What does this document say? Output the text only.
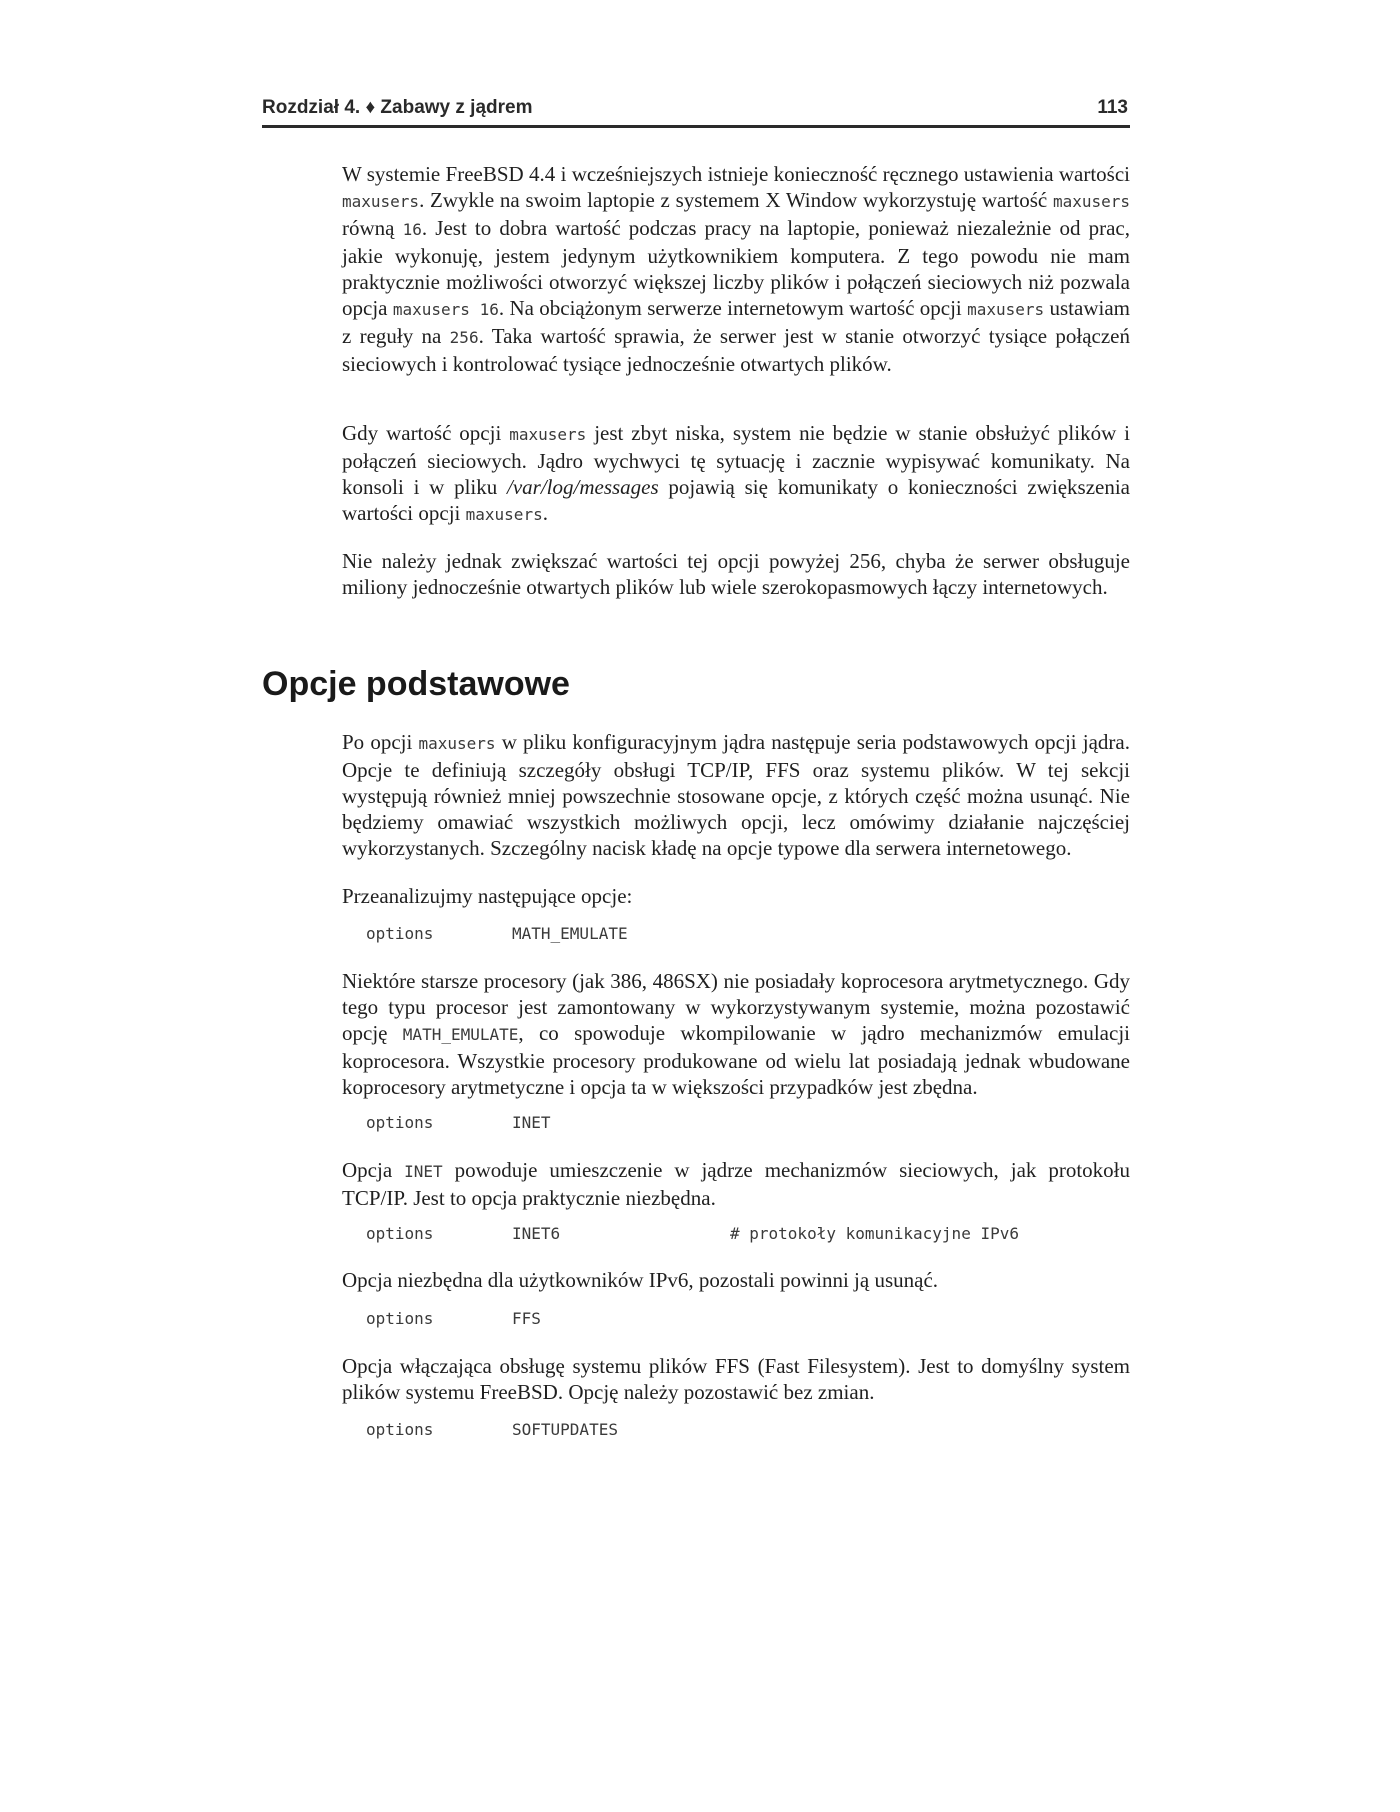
Rozdział 4. ♦ Zabawy z jądrem	113

W systemie FreeBSD 4.4 i wcześniejszych istnieje konieczność ręcznego ustawienia wartości maxusers. Zwykle na swoim laptopie z systemem X Window wykorzystuję wartość maxusers równą 16. Jest to dobra wartość podczas pracy na laptopie, ponieważ niezależnie od prac, jakie wykonuję, jestem jedynym użytkownikiem komputera. Z tego powodu nie mam praktycznie możliwości otworzyć większej liczby plików i połączeń sieciowych niż pozwala opcja maxusers 16. Na obciążonym serwerze internetowym wartość opcji maxusers ustawiam z reguły na 256. Taka wartość sprawia, że serwer jest w stanie otworzyć tysiące połączeń sieciowych i kontrolować tysiące jednocześnie otwartych plików.

Gdy wartość opcji maxusers jest zbyt niska, system nie będzie w stanie obsłużyć plików i połączeń sieciowych. Jądro wychwyci tę sytuację i zacznie wypisywać komunikaty. Na konsoli i w pliku /var/log/messages pojawią się komunikaty o konieczności zwiększenia wartości opcji maxusers.

Nie należy jednak zwiększać wartości tej opcji powyżej 256, chyba że serwer obsługuje miliony jednocześnie otwartych plików lub wiele szerokopasmowych łączy internetowych.

Opcje podstawowe

Po opcji maxusers w pliku konfiguracyjnym jądra następuje seria podstawowych opcji jądra. Opcje te definiują szczegóły obsługi TCP/IP, FFS oraz systemu plików. W tej sekcji występują również mniej powszechnie stosowane opcje, z których część można usunąć. Nie będziemy omawiać wszystkich możliwych opcji, lecz omówimy działanie najczęściej wykorzystanych. Szczególny nacisk kładę na opcje typowe dla serwera internetowego.

Przeanalizujmy następujące opcje:

options

	MATH_EMULATE

Niektóre starsze procesory (jak 386, 486SX) nie posiadały koprocesora arytmetycznego. Gdy tego typu procesor jest zamontowany w wykorzystywanym systemie, można pozostawić opcję MATH_EMULATE, co spowoduje wkompilowanie w jądro mechanizmów emulacji koprocesora. Wszystkie procesory produkowane od wielu lat posiadają jednak wbudowane koprocesory arytmetyczne i opcja ta w większości przypadków jest zbędna.

options

	INET

Opcja INET powoduje umieszczenie w jądrze mechanizmów sieciowych, jak protokołu TCP/IP. Jest to opcja praktycznie niezbędna.

options

	INET6

	# protokoły komunikacyjne IPv6

Opcja niezbędna dla użytkowników IPv6, pozostali powinni ją usunąć.

options

	FFS

Opcja włączająca obsługę systemu plików FFS (Fast Filesystem). Jest to domyślny system plików systemu FreeBSD. Opcję należy pozostawić bez zmian.

options

	SOFTUPDATES
